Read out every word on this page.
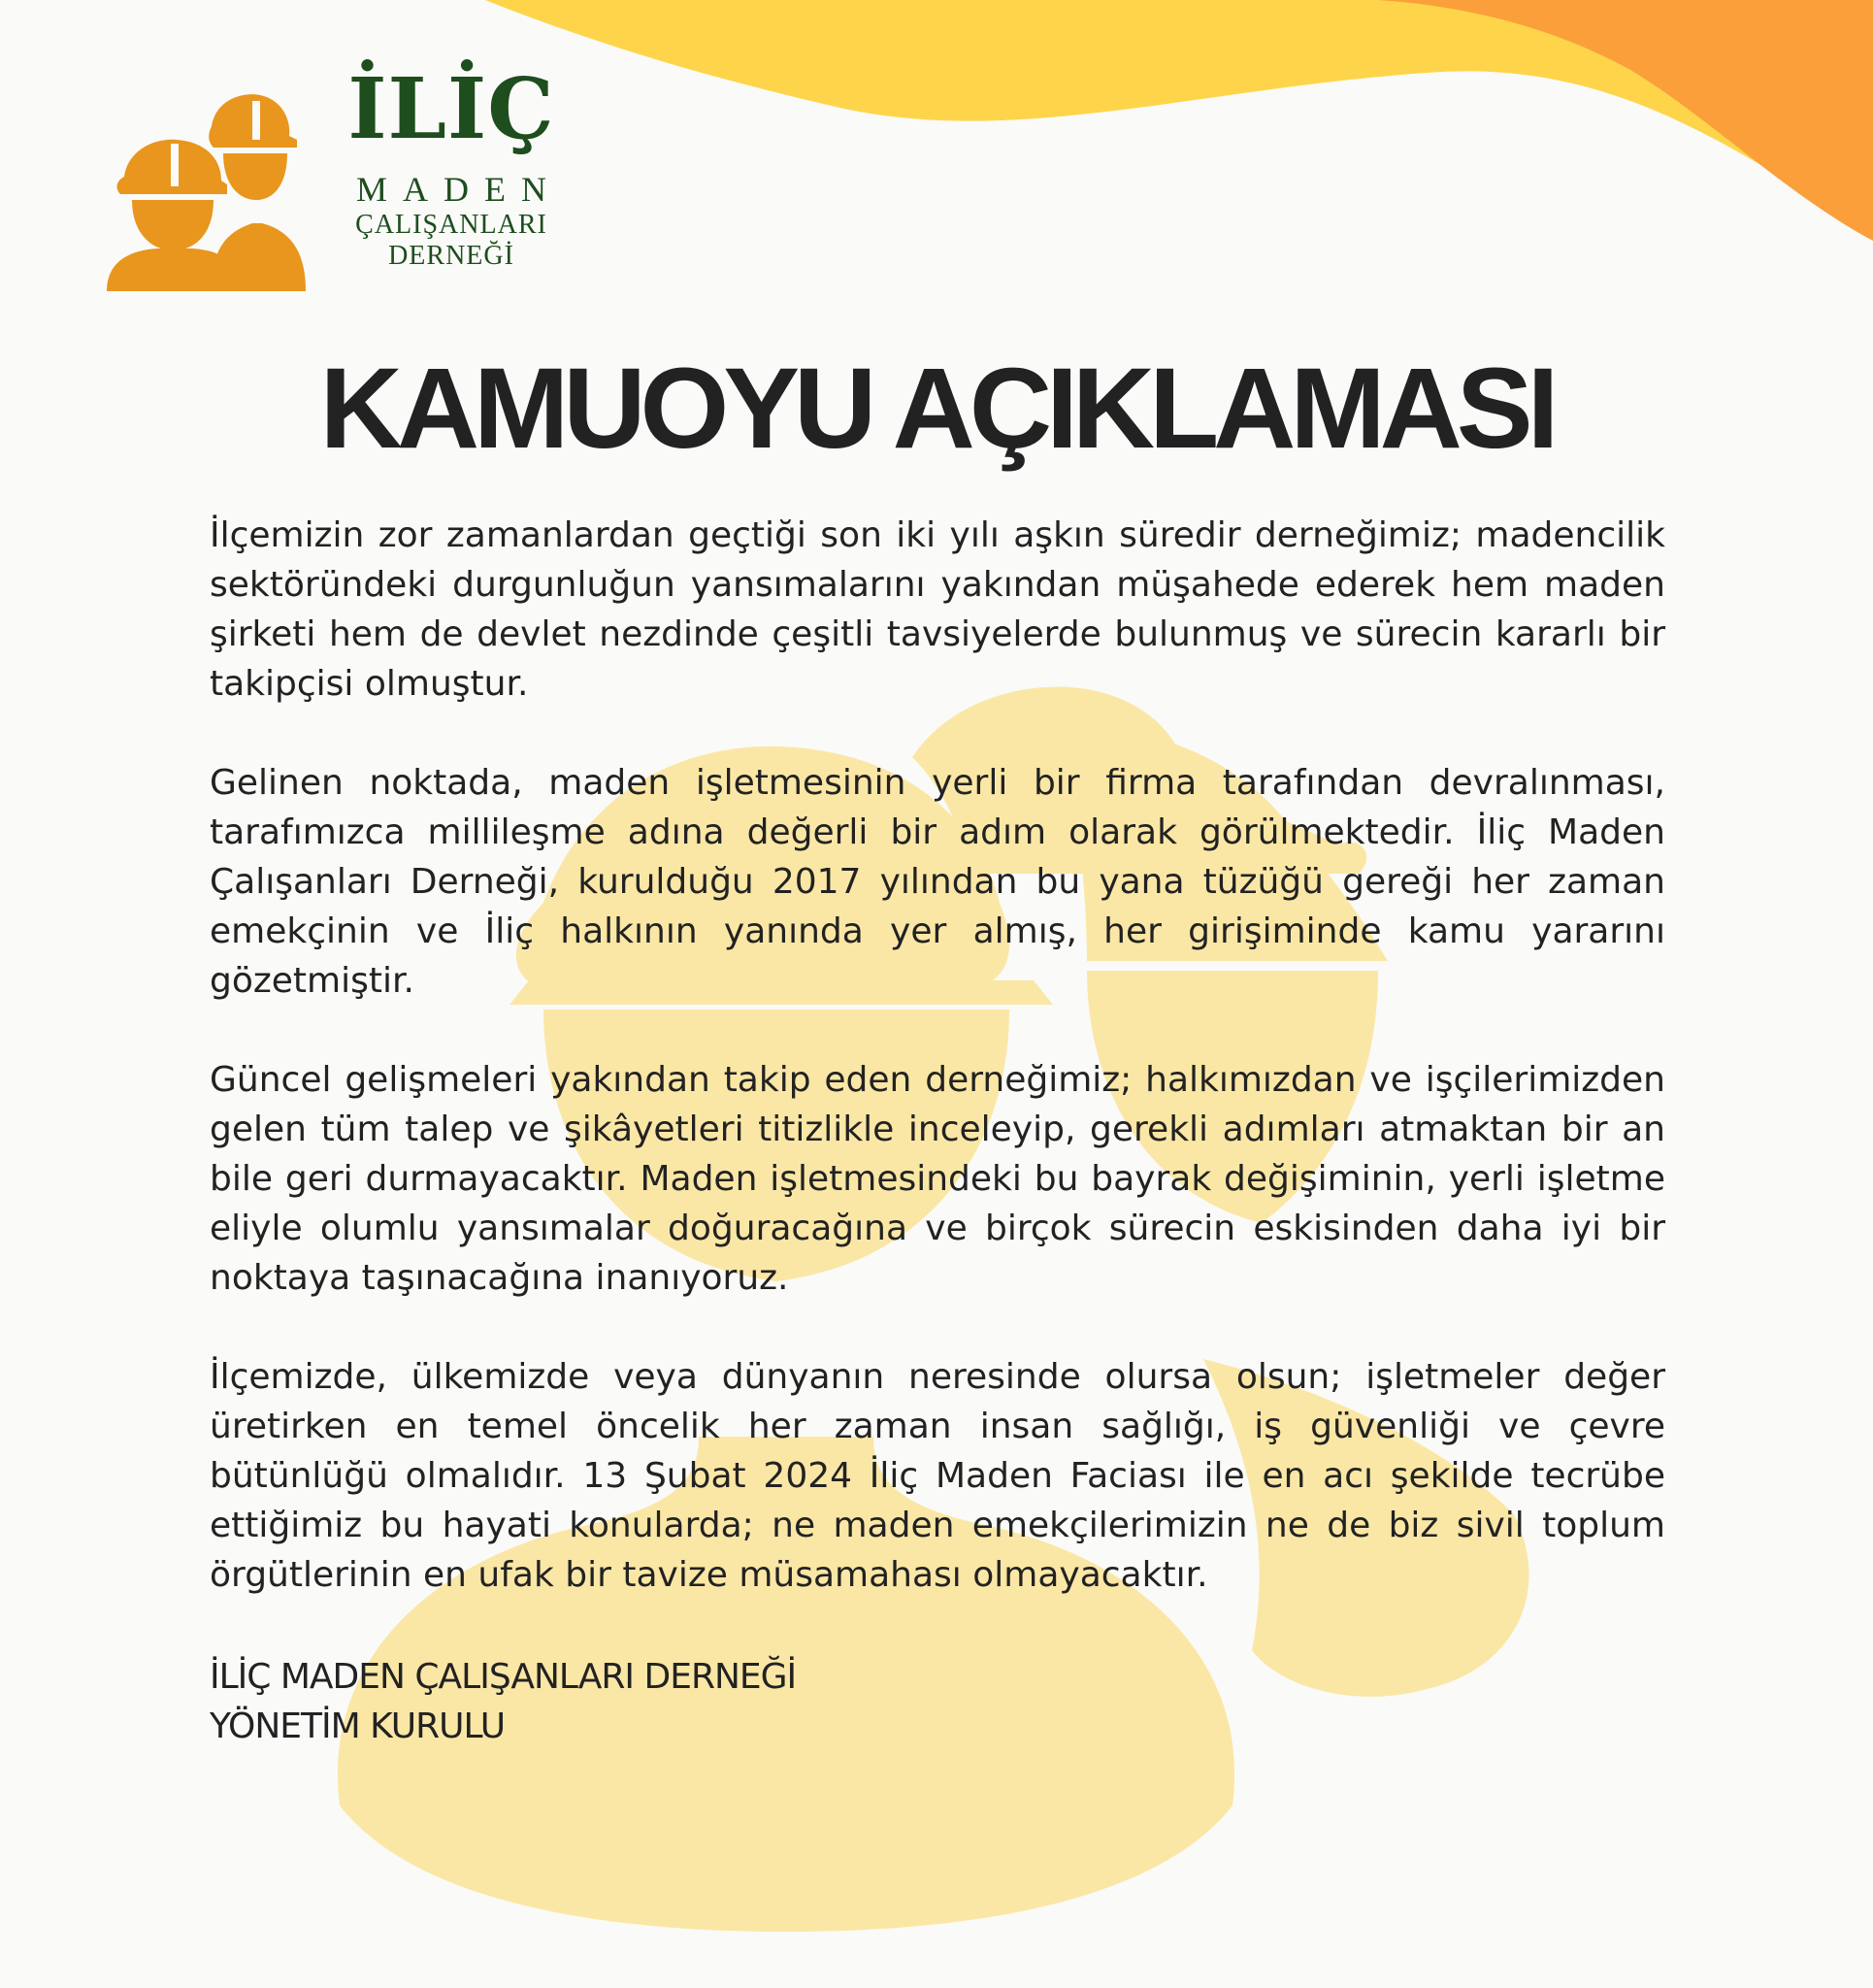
İLİÇ
MADEN
ÇALIŞANLARI
DERNEĞİ
KAMUOYU AÇIKLAMASI

İlçemizin zor zamanlardan geçtiği son iki yılı aşkın süredir derneğimiz; madencilik sektöründeki durgunluğun yansımalarını yakından müşahede ederek hem maden şirketi hem de devlet nezdinde çeşitli tavsiyelerde bulunmuş ve sürecin kararlı bir takipçisi olmuştur.

Gelinen noktada, maden işletmesinin yerli bir firma tarafından devralınması, tarafımızca millileşme adına değerli bir adım olarak görülmektedir. İliç Maden Çalışanları Derneği, kurulduğu 2017 yılından bu yana tüzüğü gereği her zaman emekçinin ve İliç halkının yanında yer almış, her girişiminde kamu yararını gözetmiştir.

Güncel gelişmeleri yakından takip eden derneğimiz; halkımızdan ve işçilerimizden gelen tüm talep ve şikâyetleri titizlikle inceleyip, gerekli adımları atmaktan bir an bile geri durmayacaktır. Maden işletmesindeki bu bayrak değişiminin, yerli işletme eliyle olumlu yansımalar doğuracağına ve birçok sürecin eskisinden daha iyi bir noktaya taşınacağına inanıyoruz.

İlçemizde, ülkemizde veya dünyanın neresinde olursa olsun; işletmeler değer üretirken en temel öncelik her zaman insan sağlığı, iş güvenliği ve çevre bütünlüğü olmalıdır. 13 Şubat 2024 İliç Maden Faciası ile en acı şekilde tecrübe ettiğimiz bu hayati konularda; ne maden emekçilerimizin ne de biz sivil toplum örgütlerinin en ufak bir tavize müsamahası olmayacaktır.

İLİÇ MADEN ÇALIŞANLARI DERNEĞİ
YÖNETİM KURULU
